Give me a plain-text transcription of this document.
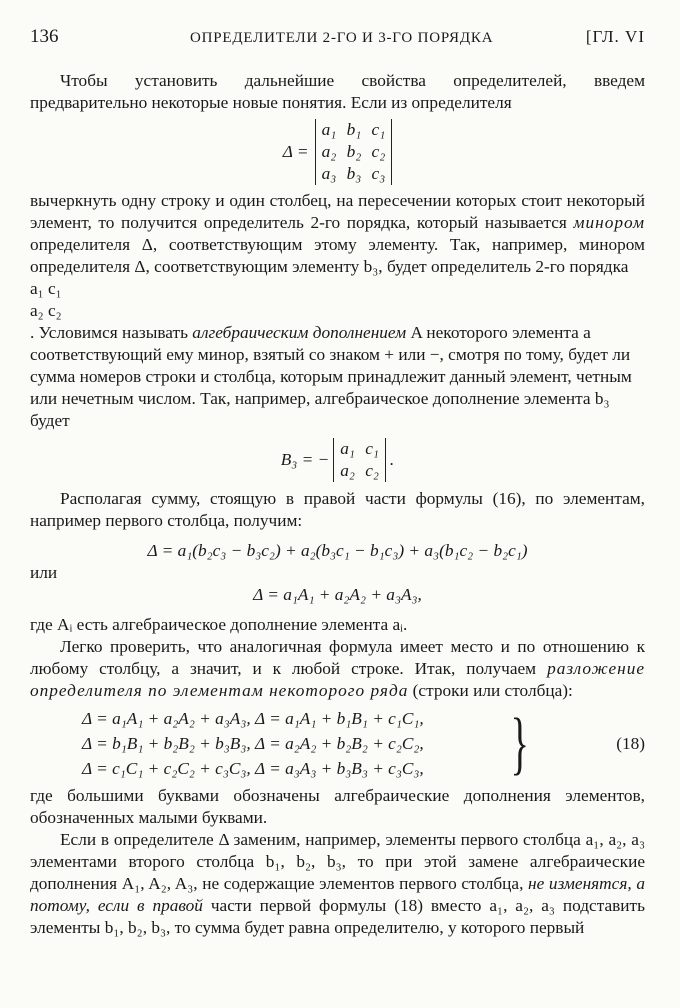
136	ОПРЕДЕЛИТЕЛИ 2-ГО И 3-ГО ПОРЯДКА	[ГЛ. VI

Чтобы установить дальнейшие свойства определителей, введем предварительно некоторые новые понятия. Если из определителя

Δ =
a₁ b₁ c₁
a₂ b₂ c₂
a₃ b₃ c₃

вычеркнуть одну строку и один столбец, на пересечении которых стоит некоторый элемент, то получится определитель 2-го порядка, который называется минором определителя Δ, соответствующим этому элементу. Так, например, минором определителя Δ, соответствующим элементу b₃, будет определитель 2-го порядка

a₁ c₁
a₂ c₂
. Условимся называть алгебраическим дополнением A некоторого элемента a соответствующий ему минор, взятый со знаком + или −, смотря по тому, будет ли сумма номеров строки и столбца, которым принадлежит данный элемент, четным или нечетным числом. Так, например, алгебраическое дополнение элемента b₃ будет

B₃ = −
a₁ c₁
a₂ c₂
.

Располагая сумму, стоящую в правой части формулы (16), по элементам, например первого столбца, получим:

Δ = a₁(b₂c₃ − b₃c₂) + a₂(b₃c₁ − b₁c₃) + a₃(b₁c₂ − b₂c₁)

или

Δ = a₁A₁ + a₂A₂ + a₃A₃,

где Aᵢ есть алгебраическое дополнение элемента aᵢ.

Легко проверить, что аналогичная формула имеет место и по отношению к любому столбцу, а значит, и к любой строке. Итак, получаем разложение определителя по элементам некоторого ряда (строки или столбца):

Δ = a₁A₁ + a₂A₂ + a₃A₃, Δ = a₁A₁ + b₁B₁ + c₁C₁,
Δ = b₁B₁ + b₂B₂ + b₃B₃, Δ = a₂A₂ + b₂B₂ + c₂C₂,
Δ = c₁C₁ + c₂C₂ + c₃C₃, Δ = a₃A₃ + b₃B₃ + c₃C₃, }	(18)

где большими буквами обозначены алгебраические дополнения элементов, обозначенных малыми буквами.

Если в определителе Δ заменим, например, элементы первого столбца a₁, a₂, a₃ элементами второго столбца b₁, b₂, b₃, то при этой замене алгебраические дополнения A₁, A₂, A₃, не содержащие элементов первого столбца, не изменятся, а потому, если в правой части первой формулы (18) вместо a₁, a₂, a₃ подставить элементы b₁, b₂, b₃, то сумма будет равна определителю, у которого первый
